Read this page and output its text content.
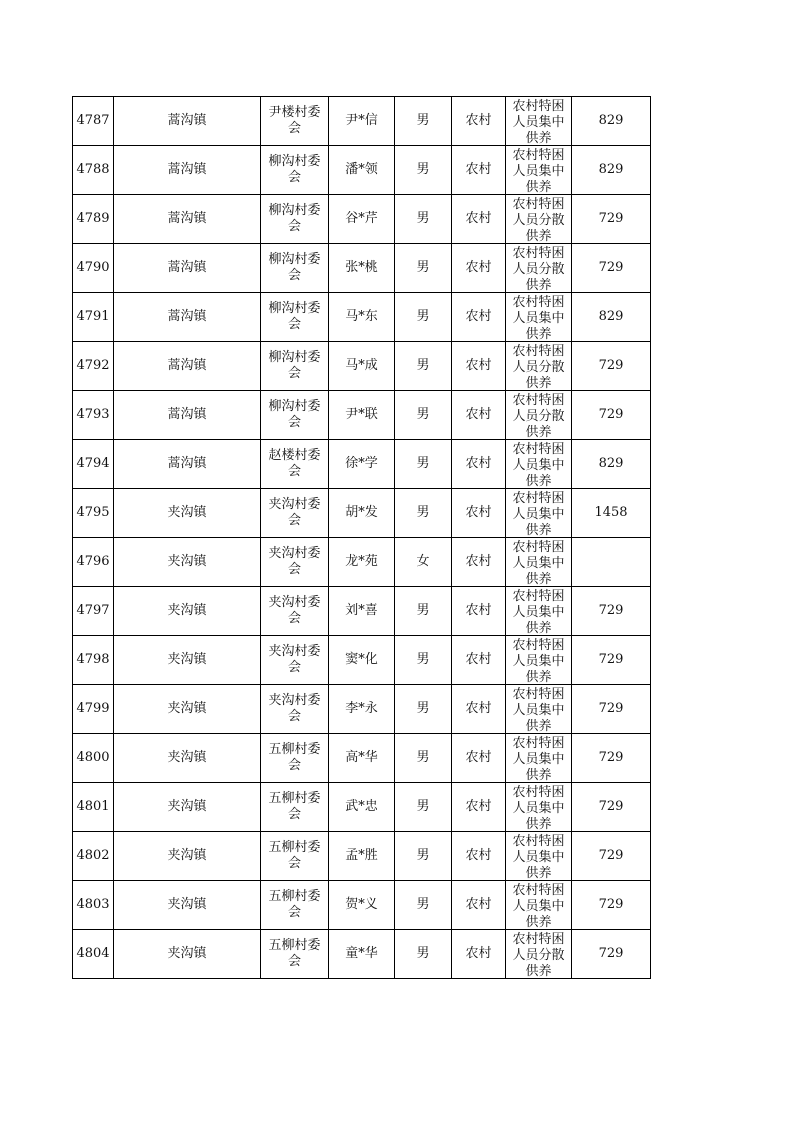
4787	蒿沟镇	尹楼村委会	尹*信	男	农村	农村特困人员集中供养	829
4788	蒿沟镇	柳沟村委会	潘*领	男	农村	农村特困人员集中供养	829
4789	蒿沟镇	柳沟村委会	谷*芹	男	农村	农村特困人员分散供养	729
4790	蒿沟镇	柳沟村委会	张*桃	男	农村	农村特困人员分散供养	729
4791	蒿沟镇	柳沟村委会	马*东	男	农村	农村特困人员集中供养	829
4792	蒿沟镇	柳沟村委会	马*成	男	农村	农村特困人员分散供养	729
4793	蒿沟镇	柳沟村委会	尹*联	男	农村	农村特困人员分散供养	729
4794	蒿沟镇	赵楼村委会	徐*学	男	农村	农村特困人员集中供养	829
4795	夹沟镇	夹沟村委会	胡*发	男	农村	农村特困人员集中供养	1458
4796	夹沟镇	夹沟村委会	龙*苑	女	农村	农村特困人员集中供养	

4797	夹沟镇	夹沟村委会	刘*喜	男	农村	农村特困人员集中供养	729
4798	夹沟镇	夹沟村委会	窦*化	男	农村	农村特困人员集中供养	729
4799	夹沟镇	夹沟村委会	李*永	男	农村	农村特困人员集中供养	729
4800	夹沟镇	五柳村委会	高*华	男	农村	农村特困人员集中供养	729
4801	夹沟镇	五柳村委会	武*忠	男	农村	农村特困人员集中供养	729
4802	夹沟镇	五柳村委会	孟*胜	男	农村	农村特困人员集中供养	729
4803	夹沟镇	五柳村委会	贺*义	男	农村	农村特困人员集中供养	729
4804	夹沟镇	五柳村委会	童*华	男	农村	农村特困人员分散供养	729
